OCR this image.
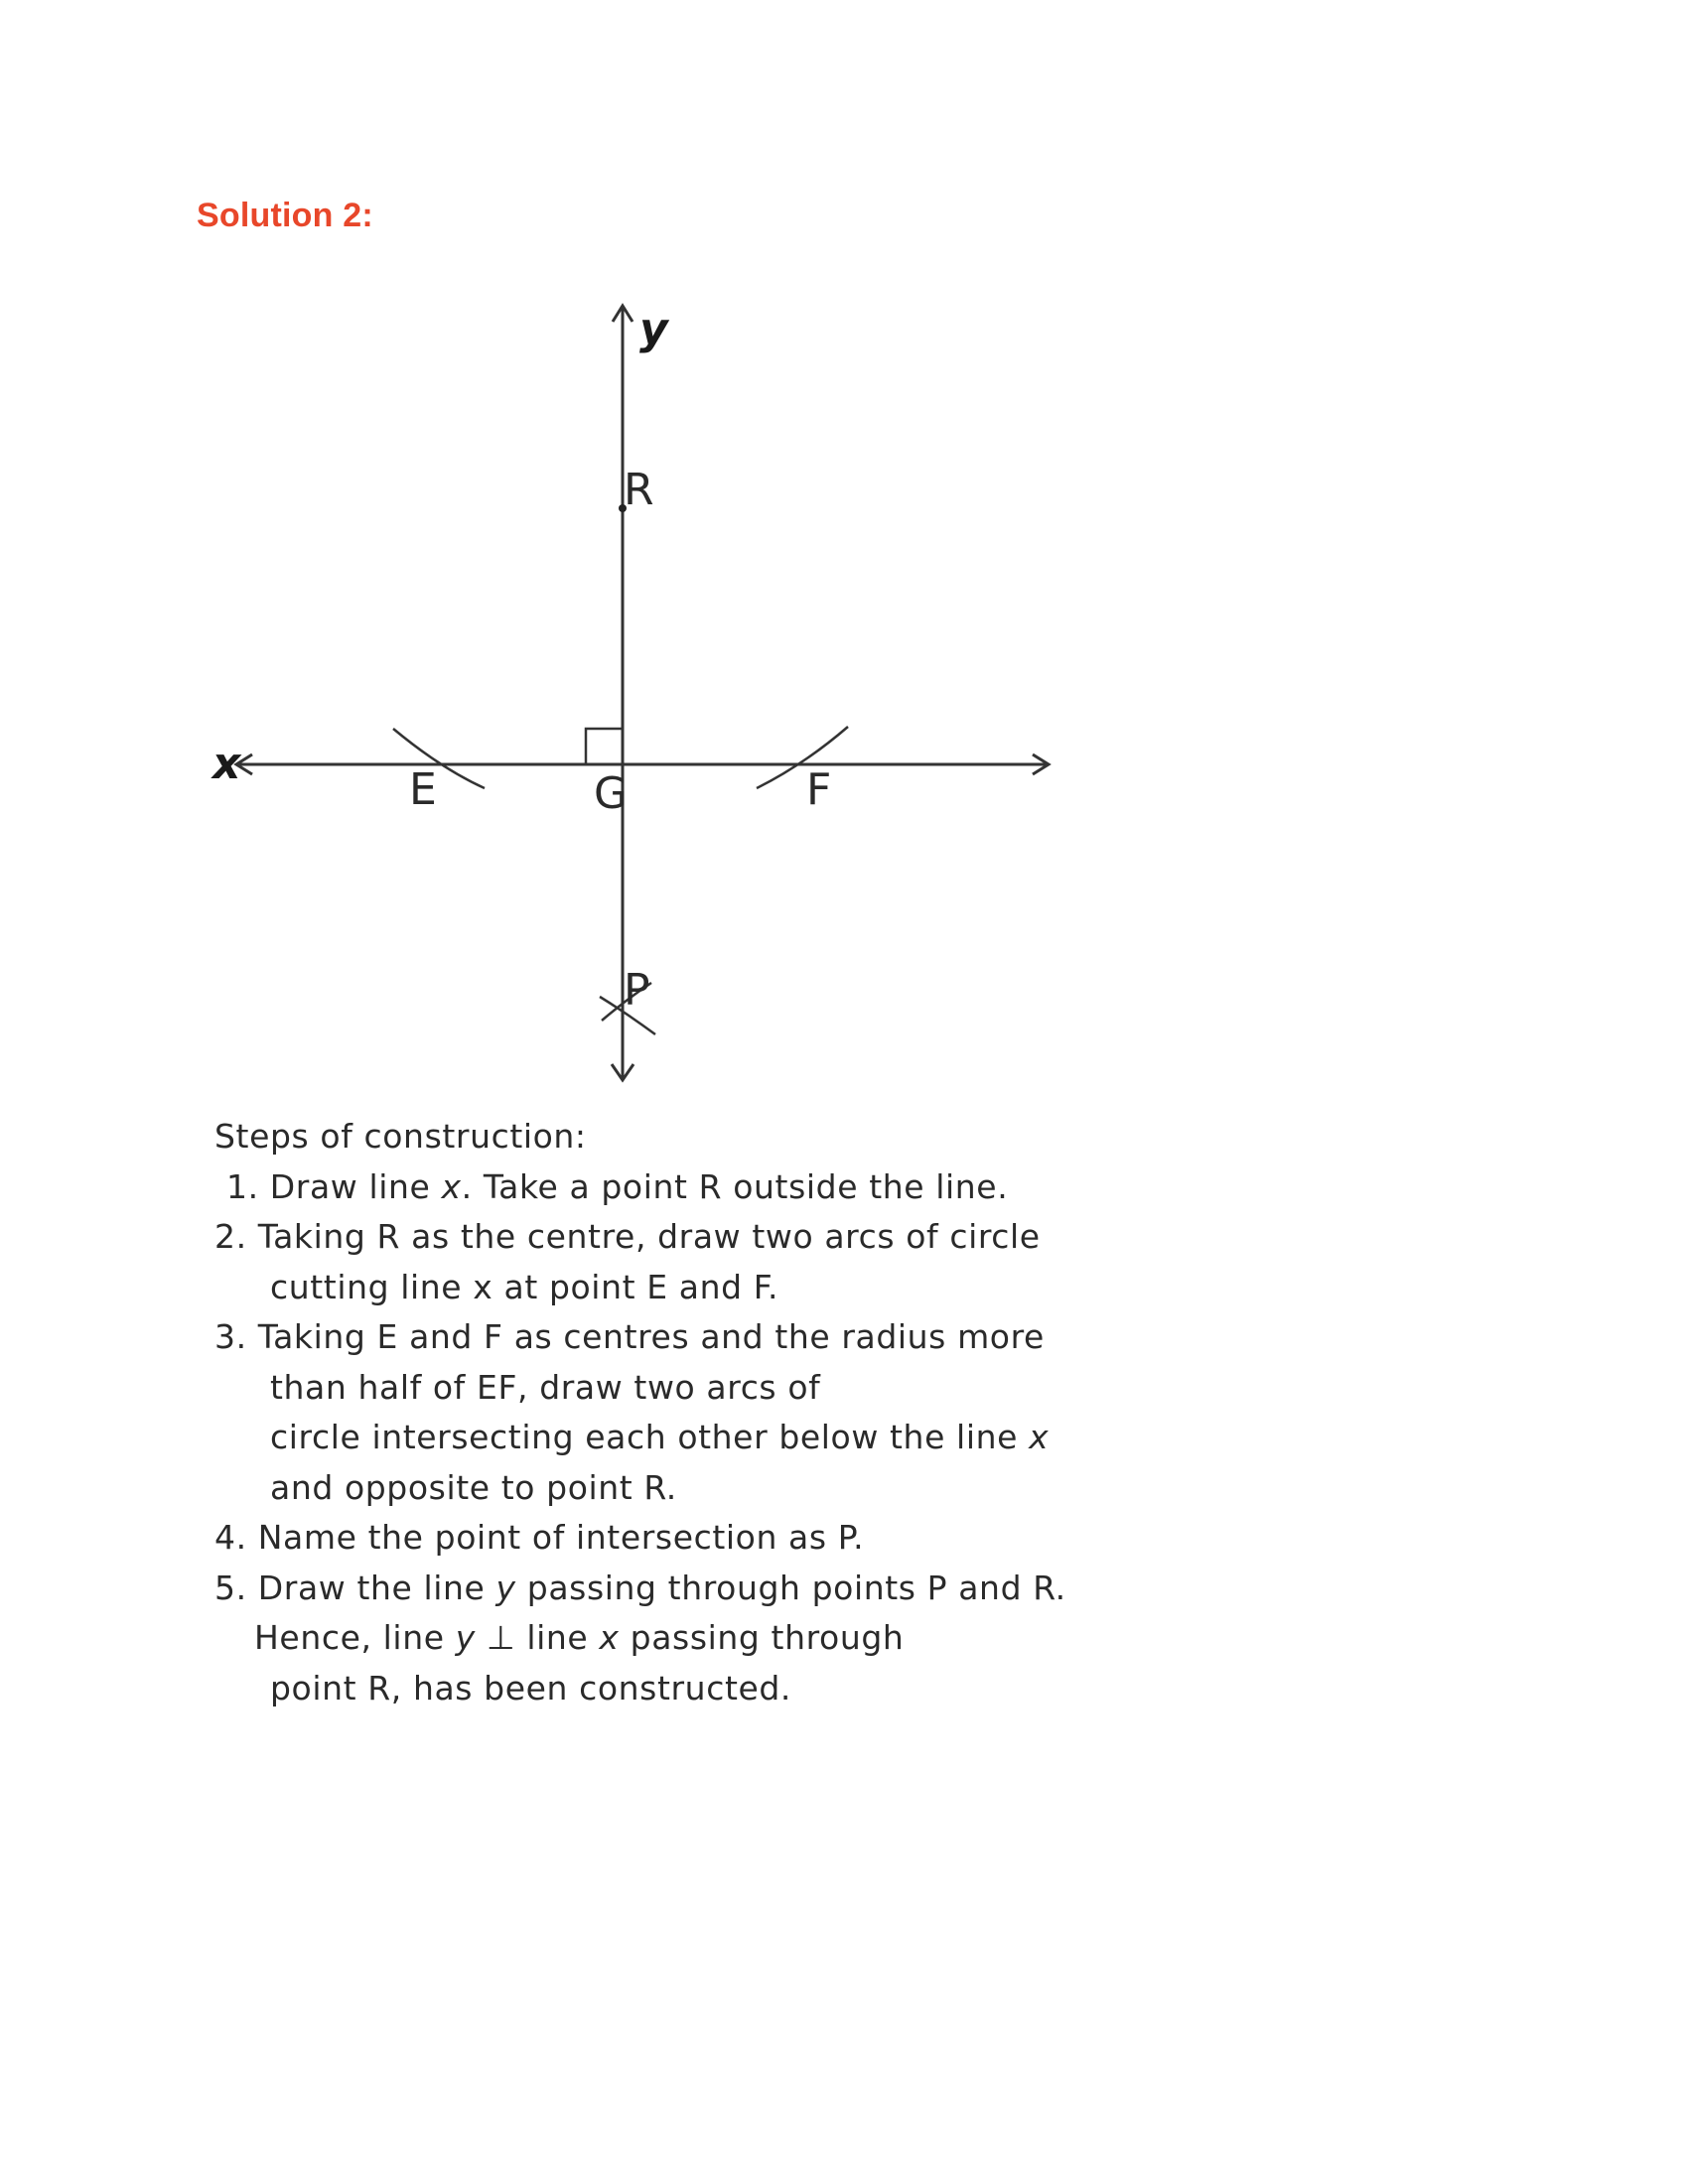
Solution 2:
y
x
R
E	G	F
P
Steps of construction:
1. Draw line x. Take a point R outside the line.
2. Taking R as the centre, draw two arcs of circle
cutting line x at point E and F.
3. Taking E and F as centres and the radius more
than half of EF, draw two arcs of
circle intersecting each other below the line x
and opposite to point R.
4. Name the point of intersection as P.
5. Draw the line y passing through points P and R.
Hence, line y ⊥ line x passing through
point R, has been constructed.
